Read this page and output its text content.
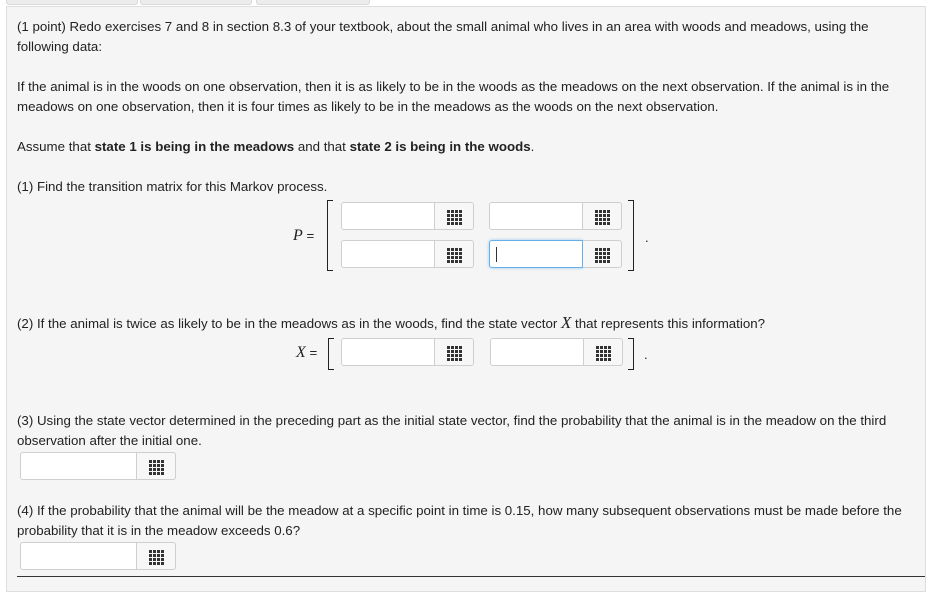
(1 point) Redo exercises 7 and 8 in section 8.3 of your textbook, about the small animal who lives in an area with woods and meadows, using the following data:

If the animal is in the woods on one observation, then it is as likely to be in the woods as the meadows on the next observation. If the animal is in the meadows on one observation, then it is four times as likely to be in the meadows as the woods on the next observation.

Assume that state 1 is being in the meadows and that state 2 is being in the woods.

(1) Find the transition matrix for this Markov process.

P =	.

(2) If the animal is twice as likely to be in the meadows as in the woods, find the state vector X that represents this information?

X =	.

(3) Using the state vector determined in the preceding part as the initial state vector, find the probability that the animal is in the meadow on the third observation after the initial one.

(4) If the probability that the animal will be the meadow at a specific point in time is 0.15, how many subsequent observations must be made before the probability that it is in the meadow exceeds 0.6?
